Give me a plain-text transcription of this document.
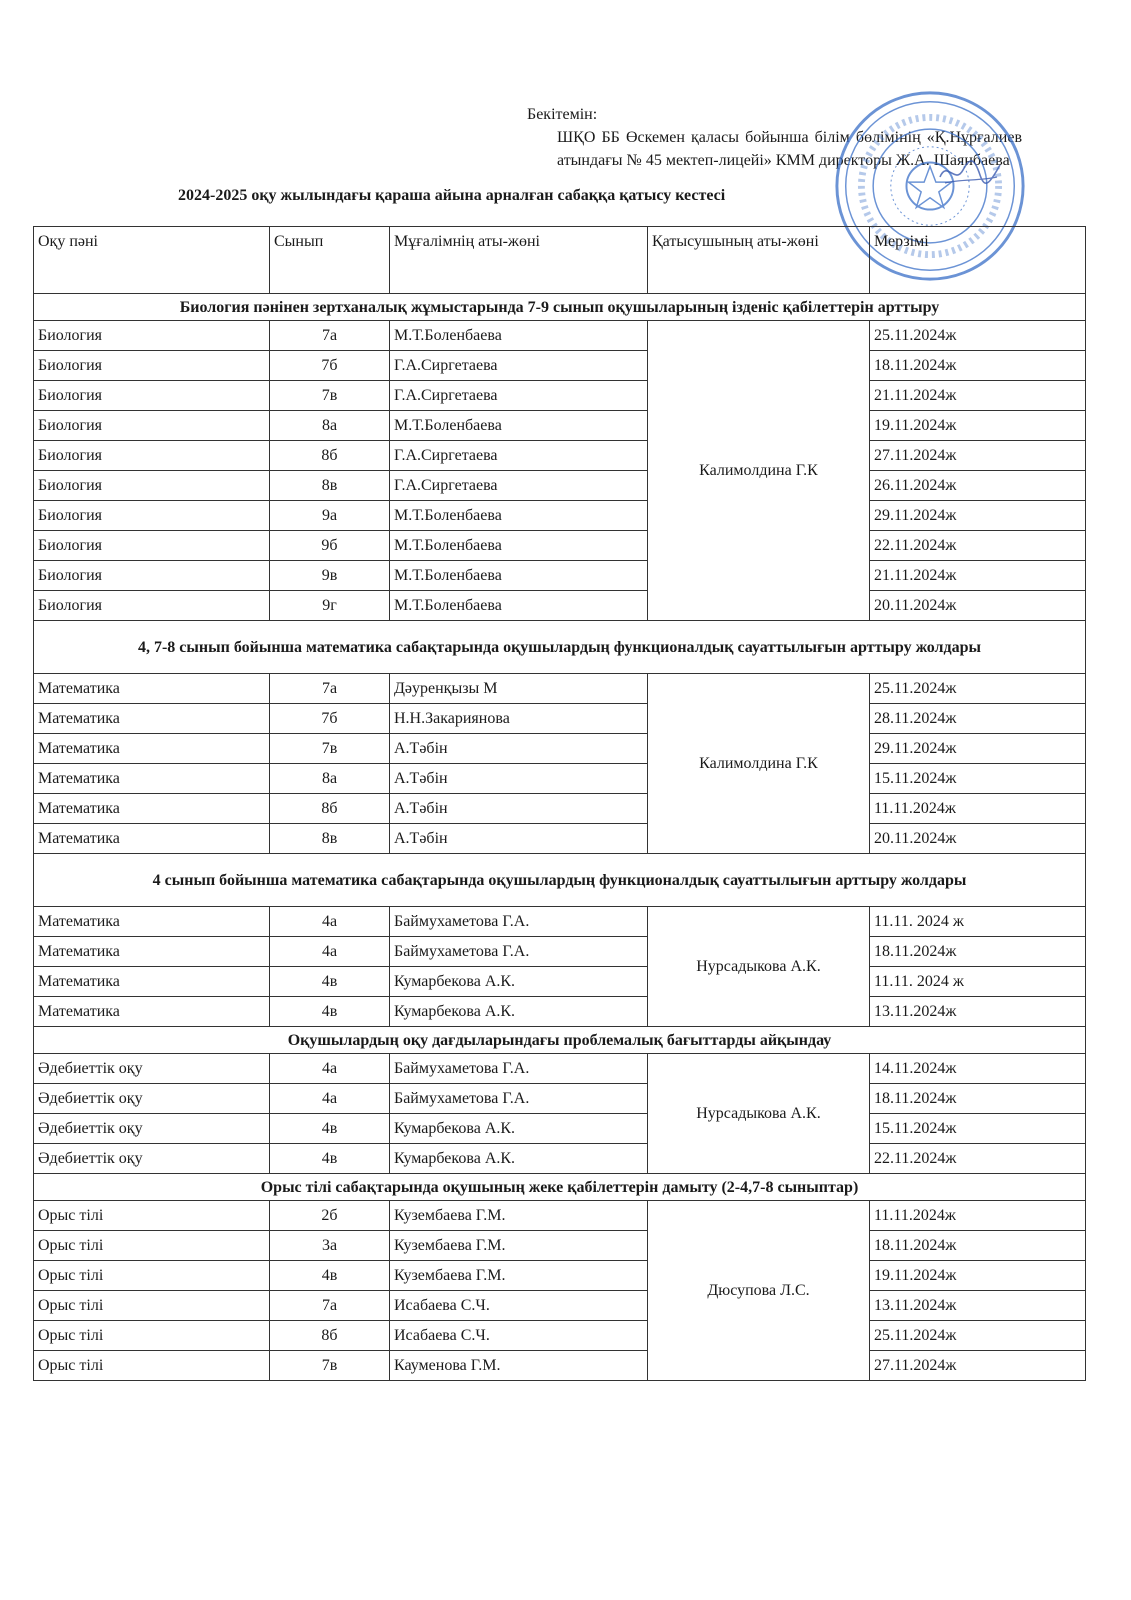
Бекітемін:

ШҚО ББ Өскемен қаласы бойынша білім бөлімінің «Қ.Нұрғалиев атындағы № 45 мектеп-лицейі» КММ директоры Ж.А. Шаянбаева

2024-2025 оқу жылындағы қараша айына арналған сабаққа қатысу кестесі
Оқу пәні	Сынып	Мұғалімнің аты-жөні	Қатысушының аты-жөні	Мерзімі
Биология пәнінен зертханалық жұмыстарында 7-9 сынып оқушыларының ізденіс қабілеттерін арттыру				
Биология	7а	М.Т.Боленбаева	Калимолдина Г.К	25.11.2024ж
Биология	7б	Г.А.Сиргетаева		18.11.2024ж
Биология	7в	Г.А.Сиргетаева		21.11.2024ж
Биология	8а	М.Т.Боленбаева		19.11.2024ж
Биология	8б	Г.А.Сиргетаева		27.11.2024ж
Биология	8в	Г.А.Сиргетаева		26.11.2024ж
Биология	9а	М.Т.Боленбаева		29.11.2024ж
Биология	9б	М.Т.Боленбаева		22.11.2024ж
Биология	9в	М.Т.Боленбаева		21.11.2024ж
Биология	9г	М.Т.Боленбаева		20.11.2024ж
4, 7-8 сынып бойынша математика сабақтарында оқушылардың функционалдық сауаттылығын арттыру жолдары				
Математика	7а	Дәуренқызы М	Калимолдина Г.К	25.11.2024ж
Математика	7б	Н.Н.Закариянова		28.11.2024ж
Математика	7в	А.Тәбін		29.11.2024ж
Математика	8а	А.Тәбін		15.11.2024ж
Математика	8б	А.Тәбін		11.11.2024ж
Математика	8в	А.Тәбін		20.11.2024ж
4 сынып бойынша математика сабақтарында оқушылардың функционалдық сауаттылығын арттыру жолдары				
Математика	4а	Баймухаметова Г.А.	Нурсадыкова А.К.	11.11. 2024 ж
Математика	4а	Баймухаметова Г.А.		18.11.2024ж
Математика	4в	Кумарбекова А.К.		11.11. 2024 ж
Математика	4в	Кумарбекова А.К.		13.11.2024ж
Оқушылардың оқу дағдыларындағы проблемалық бағыттарды айқындау				
Әдебиеттік оқу	4а	Баймухаметова Г.А.	Нурсадыкова А.К.	14.11.2024ж
Әдебиеттік оқу	4а	Баймухаметова Г.А.		18.11.2024ж
Әдебиеттік оқу	4в	Кумарбекова А.К.		15.11.2024ж
Әдебиеттік оқу	4в	Кумарбекова А.К.		22.11.2024ж
Орыс тілі сабақтарында оқушының жеке қабілеттерін дамыту (2-4,7-8 сыныптар)				
Орыс тілі	2б	Кузембаева Г.М.	Дюсупова Л.С.	11.11.2024ж
Орыс тілі	3а	Кузембаева Г.М.		18.11.2024ж
Орыс тілі	4в	Кузембаева Г.М.		19.11.2024ж
Орыс тілі	7а	Исабаева С.Ч.		13.11.2024ж
Орыс тілі	8б	Исабаева С.Ч.		25.11.2024ж
Орыс тілі	7в	Кауменова Г.М.		27.11.2024ж
